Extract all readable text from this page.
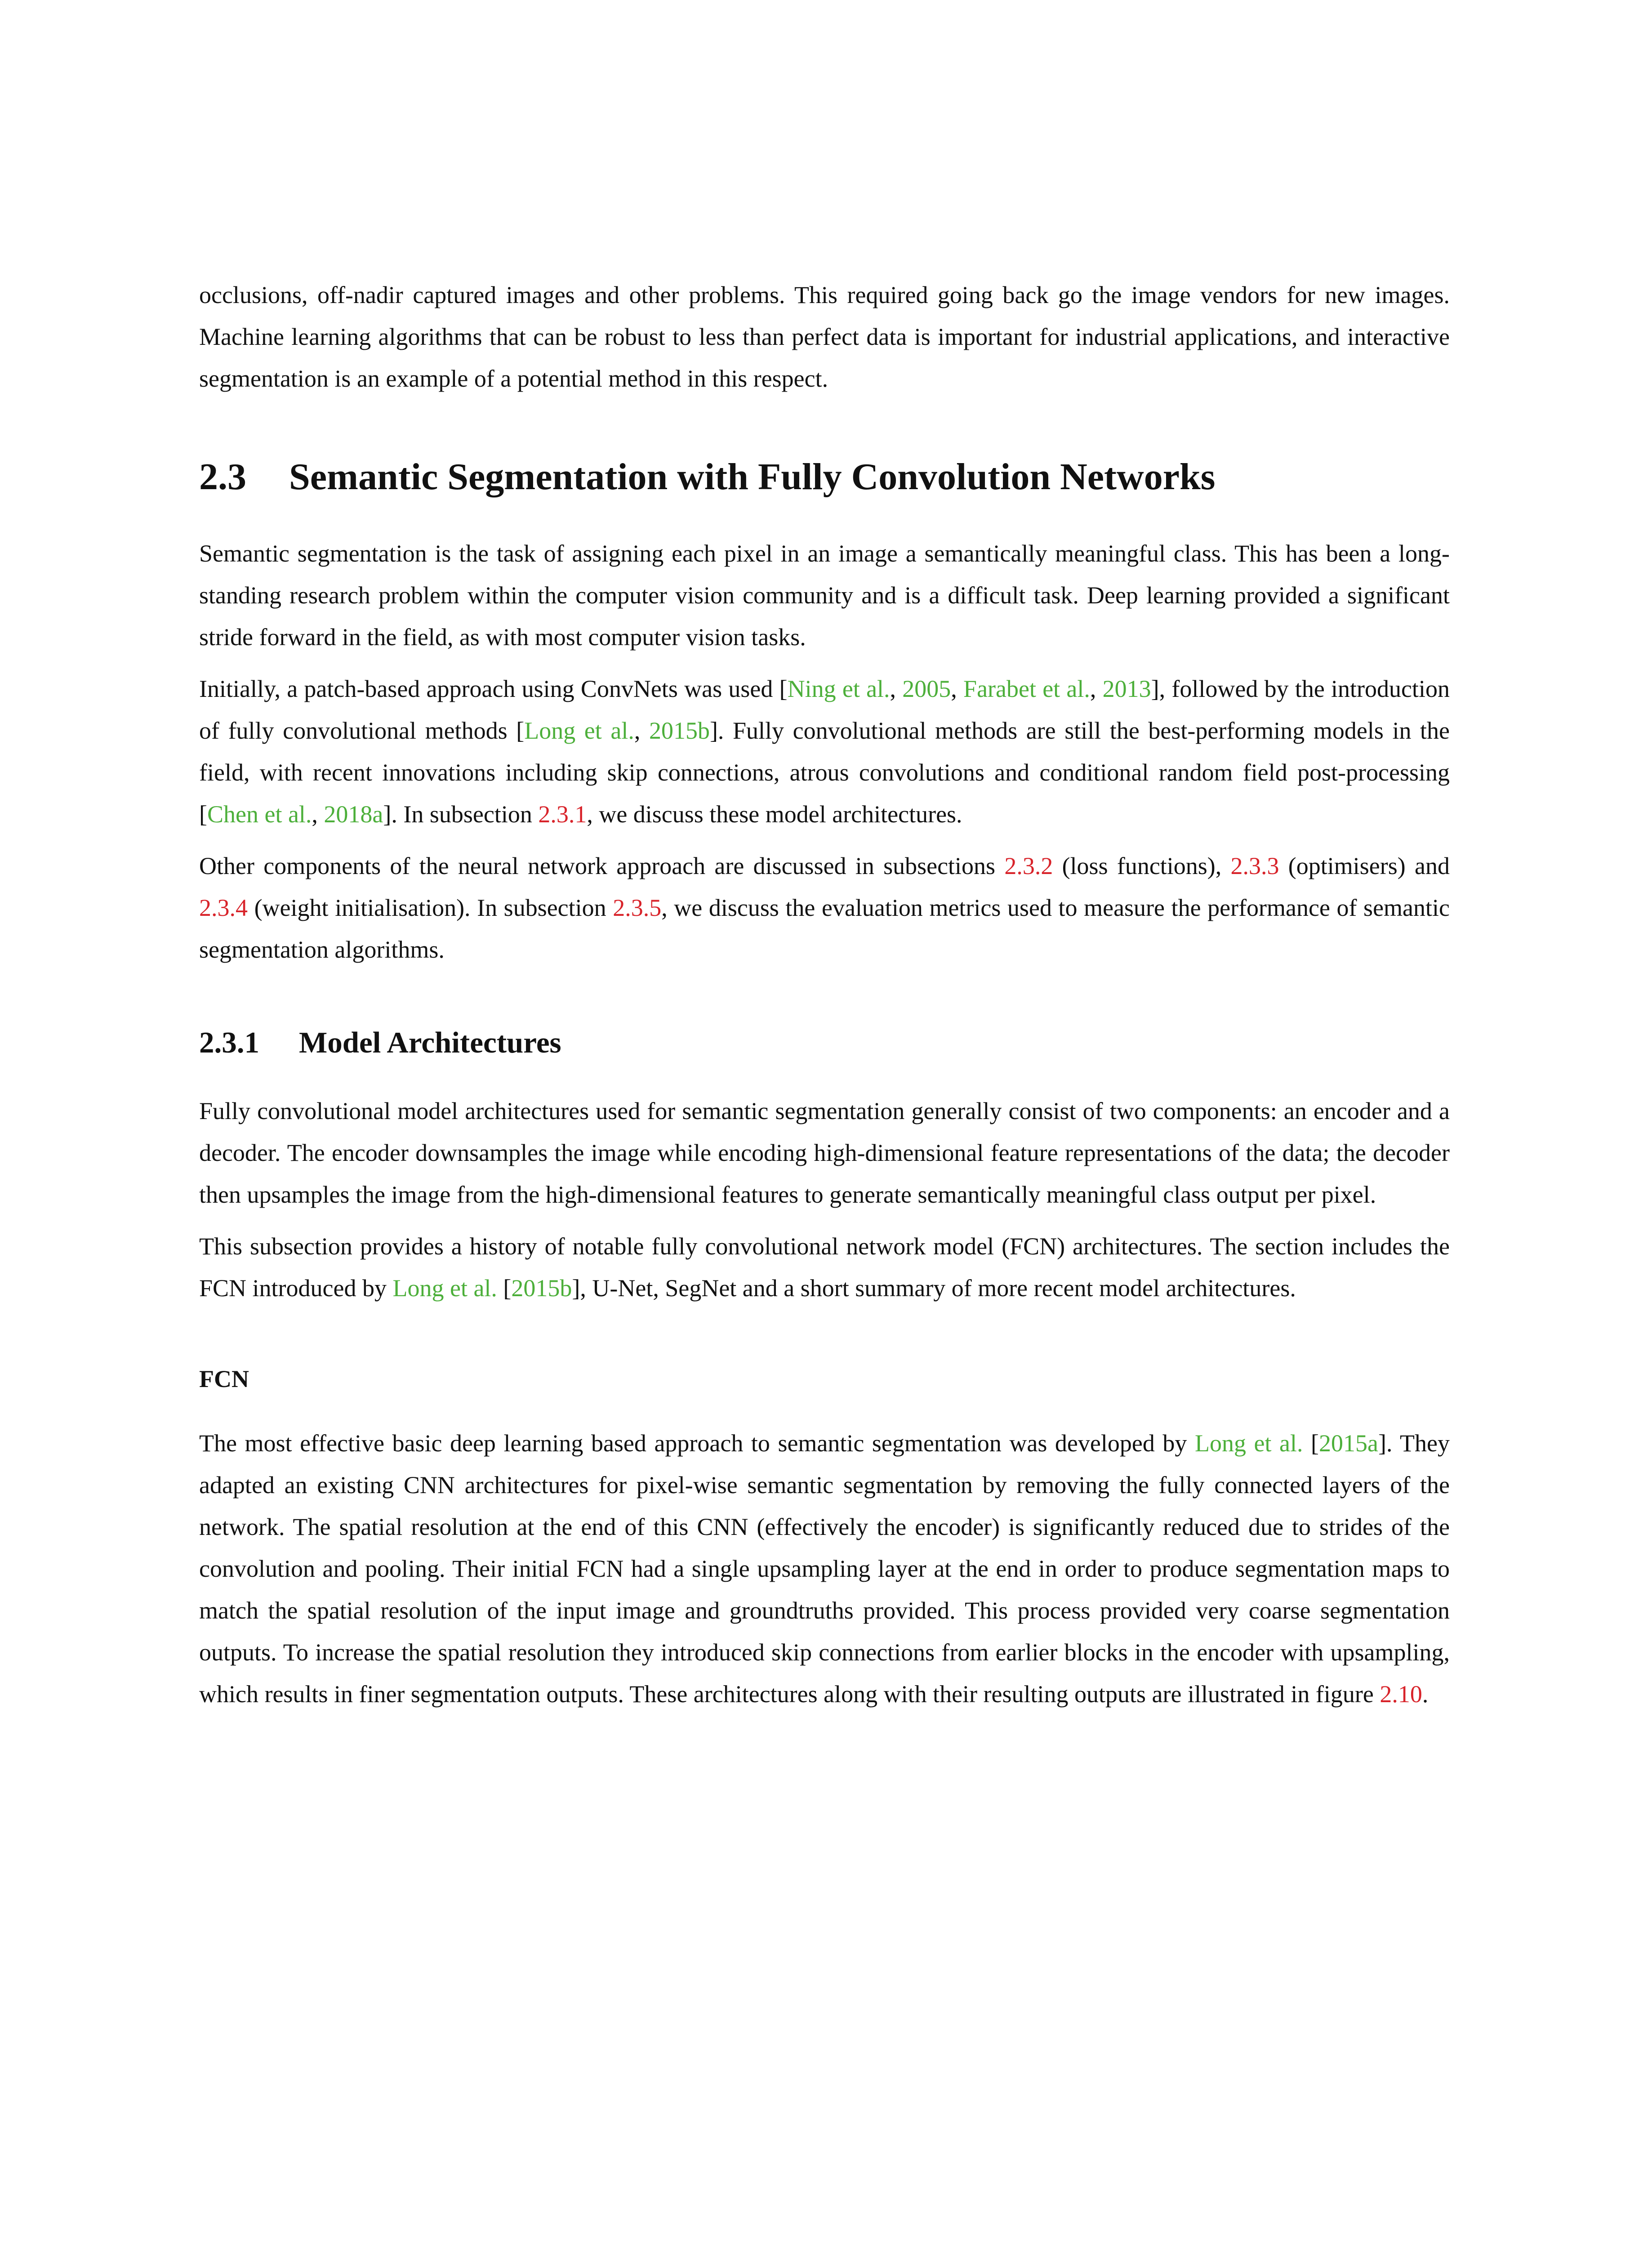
occlusions, off-nadir captured images and other problems. This required going back go the image vendors for new images. Machine learning algorithms that can be robust to less than perfect data is important for industrial applications, and interactive segmentation is an example of a potential method in this respect.

2.3 Semantic Segmentation with Fully Convolution Networks

Semantic segmentation is the task of assigning each pixel in an image a semantically meaningful class. This has been a long-standing research problem within the computer vision community and is a difficult task. Deep learning provided a significant stride forward in the field, as with most computer vision tasks.

Initially, a patch-based approach using ConvNets was used [Ning et al., 2005, Farabet et al., 2013], followed by the introduction of fully convolutional methods [Long et al., 2015b]. Fully convolutional methods are still the best-performing models in the field, with recent innovations including skip connections, atrous convolutions and conditional random field post-processing [Chen et al., 2018a]. In subsection 2.3.1, we discuss these model architectures.

Other components of the neural network approach are discussed in subsections 2.3.2 (loss functions), 2.3.3 (optimisers) and 2.3.4 (weight initialisation). In subsection 2.3.5, we discuss the evaluation metrics used to measure the performance of semantic segmentation algorithms.

2.3.1 Model Architectures

Fully convolutional model architectures used for semantic segmentation generally consist of two components: an encoder and a decoder. The encoder downsamples the image while encoding high-dimensional feature representations of the data; the decoder then upsamples the image from the high-dimensional features to generate semantically meaningful class output per pixel.

This subsection provides a history of notable fully convolutional network model (FCN) architectures. The section includes the FCN introduced by Long et al. [2015b], U-Net, SegNet and a short summary of more recent model architectures.

FCN

The most effective basic deep learning based approach to semantic segmentation was developed by Long et al. [2015a]. They adapted an existing CNN architectures for pixel-wise semantic segmentation by removing the fully connected layers of the network. The spatial resolution at the end of this CNN (effectively the encoder) is significantly reduced due to strides of the convolution and pooling. Their initial FCN had a single upsampling layer at the end in order to produce segmentation maps to match the spatial resolution of the input image and groundtruths provided. This process provided very coarse segmentation outputs. To increase the spatial resolution they introduced skip connections from earlier blocks in the encoder with upsampling, which results in finer segmentation outputs. These architectures along with their resulting outputs are illustrated in figure 2.10.
